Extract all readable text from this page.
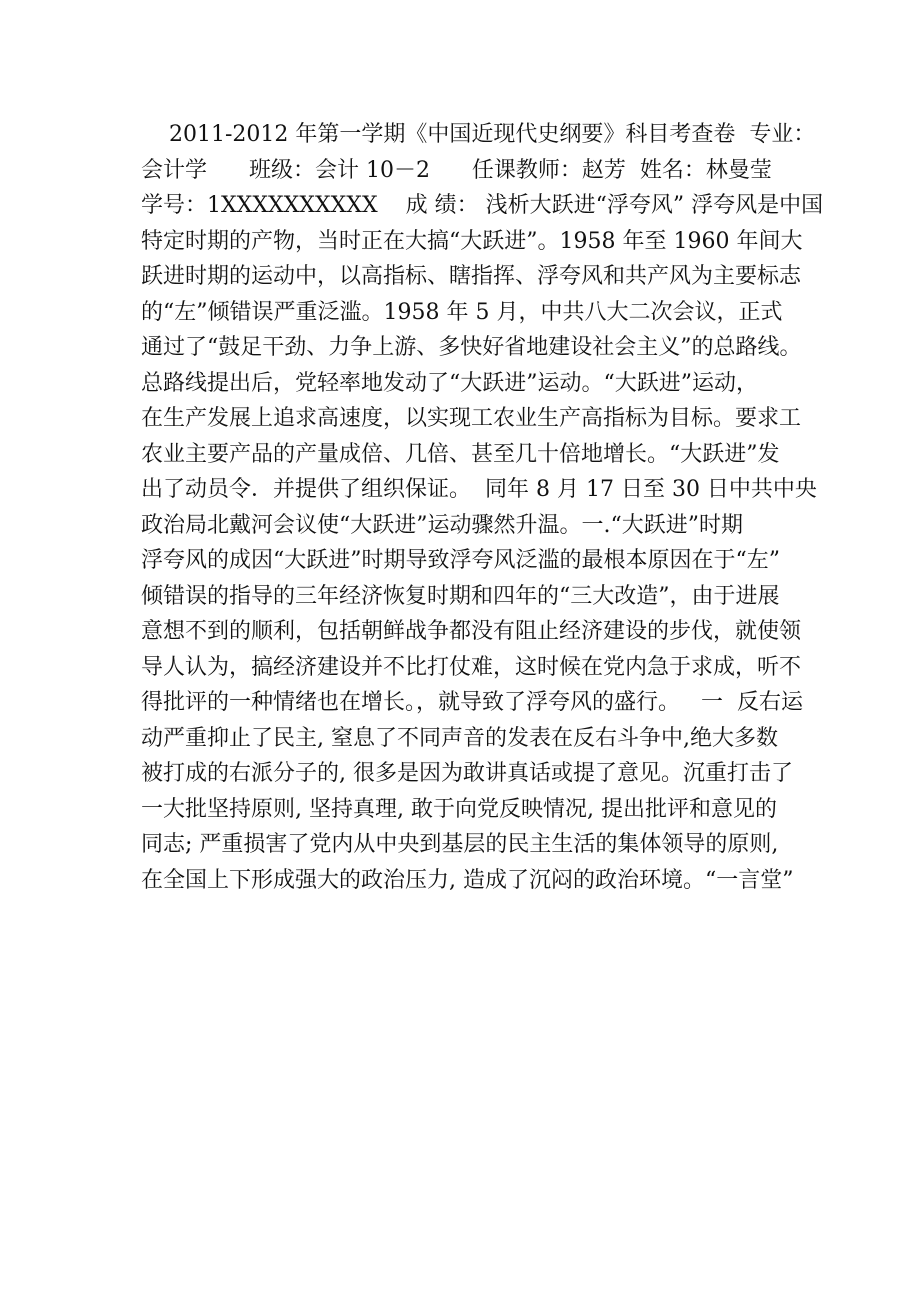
2011-2012 年第一学期《中国近现代史纲要》科目考查卷  专业：
会计学      班级：会计 10－2      任课教师：赵芳  姓名：林曼莹
学号：1XXXXXXXXXX    成 绩： 浅析大跃进“浮夸风” 浮夸风是中国
特定时期的产物，当时正在大搞“大跃进”。1958 年至 1960 年间大
跃进时期的运动中，以高指标、瞎指挥、浮夸风和共产风为主要标志
的“左”倾错误严重泛滥。1958 年 5 月，中共八大二次会议，正式
通过了“鼓足干劲、力争上游、多快好省地建设社会主义”的总路线。
总路线提出后，党轻率地发动了“大跃进”运动。“大跃进”运动，
在生产发展上追求高速度，以实现工农业生产高指标为目标。要求工
农业主要产品的产量成倍、几倍、甚至几十倍地增长。“大跃进”发
出了动员令．并提供了组织保证。  同年 8 月 17 日至 30 日中共中央
政治局北戴河会议使“大跃进”运动骤然升温。一.“大跃进”时期
浮夸风的成因“大跃进”时期导致浮夸风泛滥的最根本原因在于“左”
倾错误的指导的三年经济恢复时期和四年的“三大改造”，由于进展
意想不到的顺利，包括朝鲜战争都没有阻止经济建设的步伐，就使领
导人认为，搞经济建设并不比打仗难，这时候在党内急于求成，听不
得批评的一种情绪也在增长。，就导致了浮夸风的盛行。   一  反右运
动严重抑止了民主, 窒息了不同声音的发表在反右斗争中,绝大多数
被打成的右派分子的, 很多是因为敢讲真话或提了意见。沉重打击了
一大批坚持原则, 坚持真理, 敢于向党反映情况, 提出批评和意见的
同志; 严重损害了党内从中央到基层的民主生活的集体领导的原则,
在全国上下形成强大的政治压力, 造成了沉闷的政治环境。“一言堂”
